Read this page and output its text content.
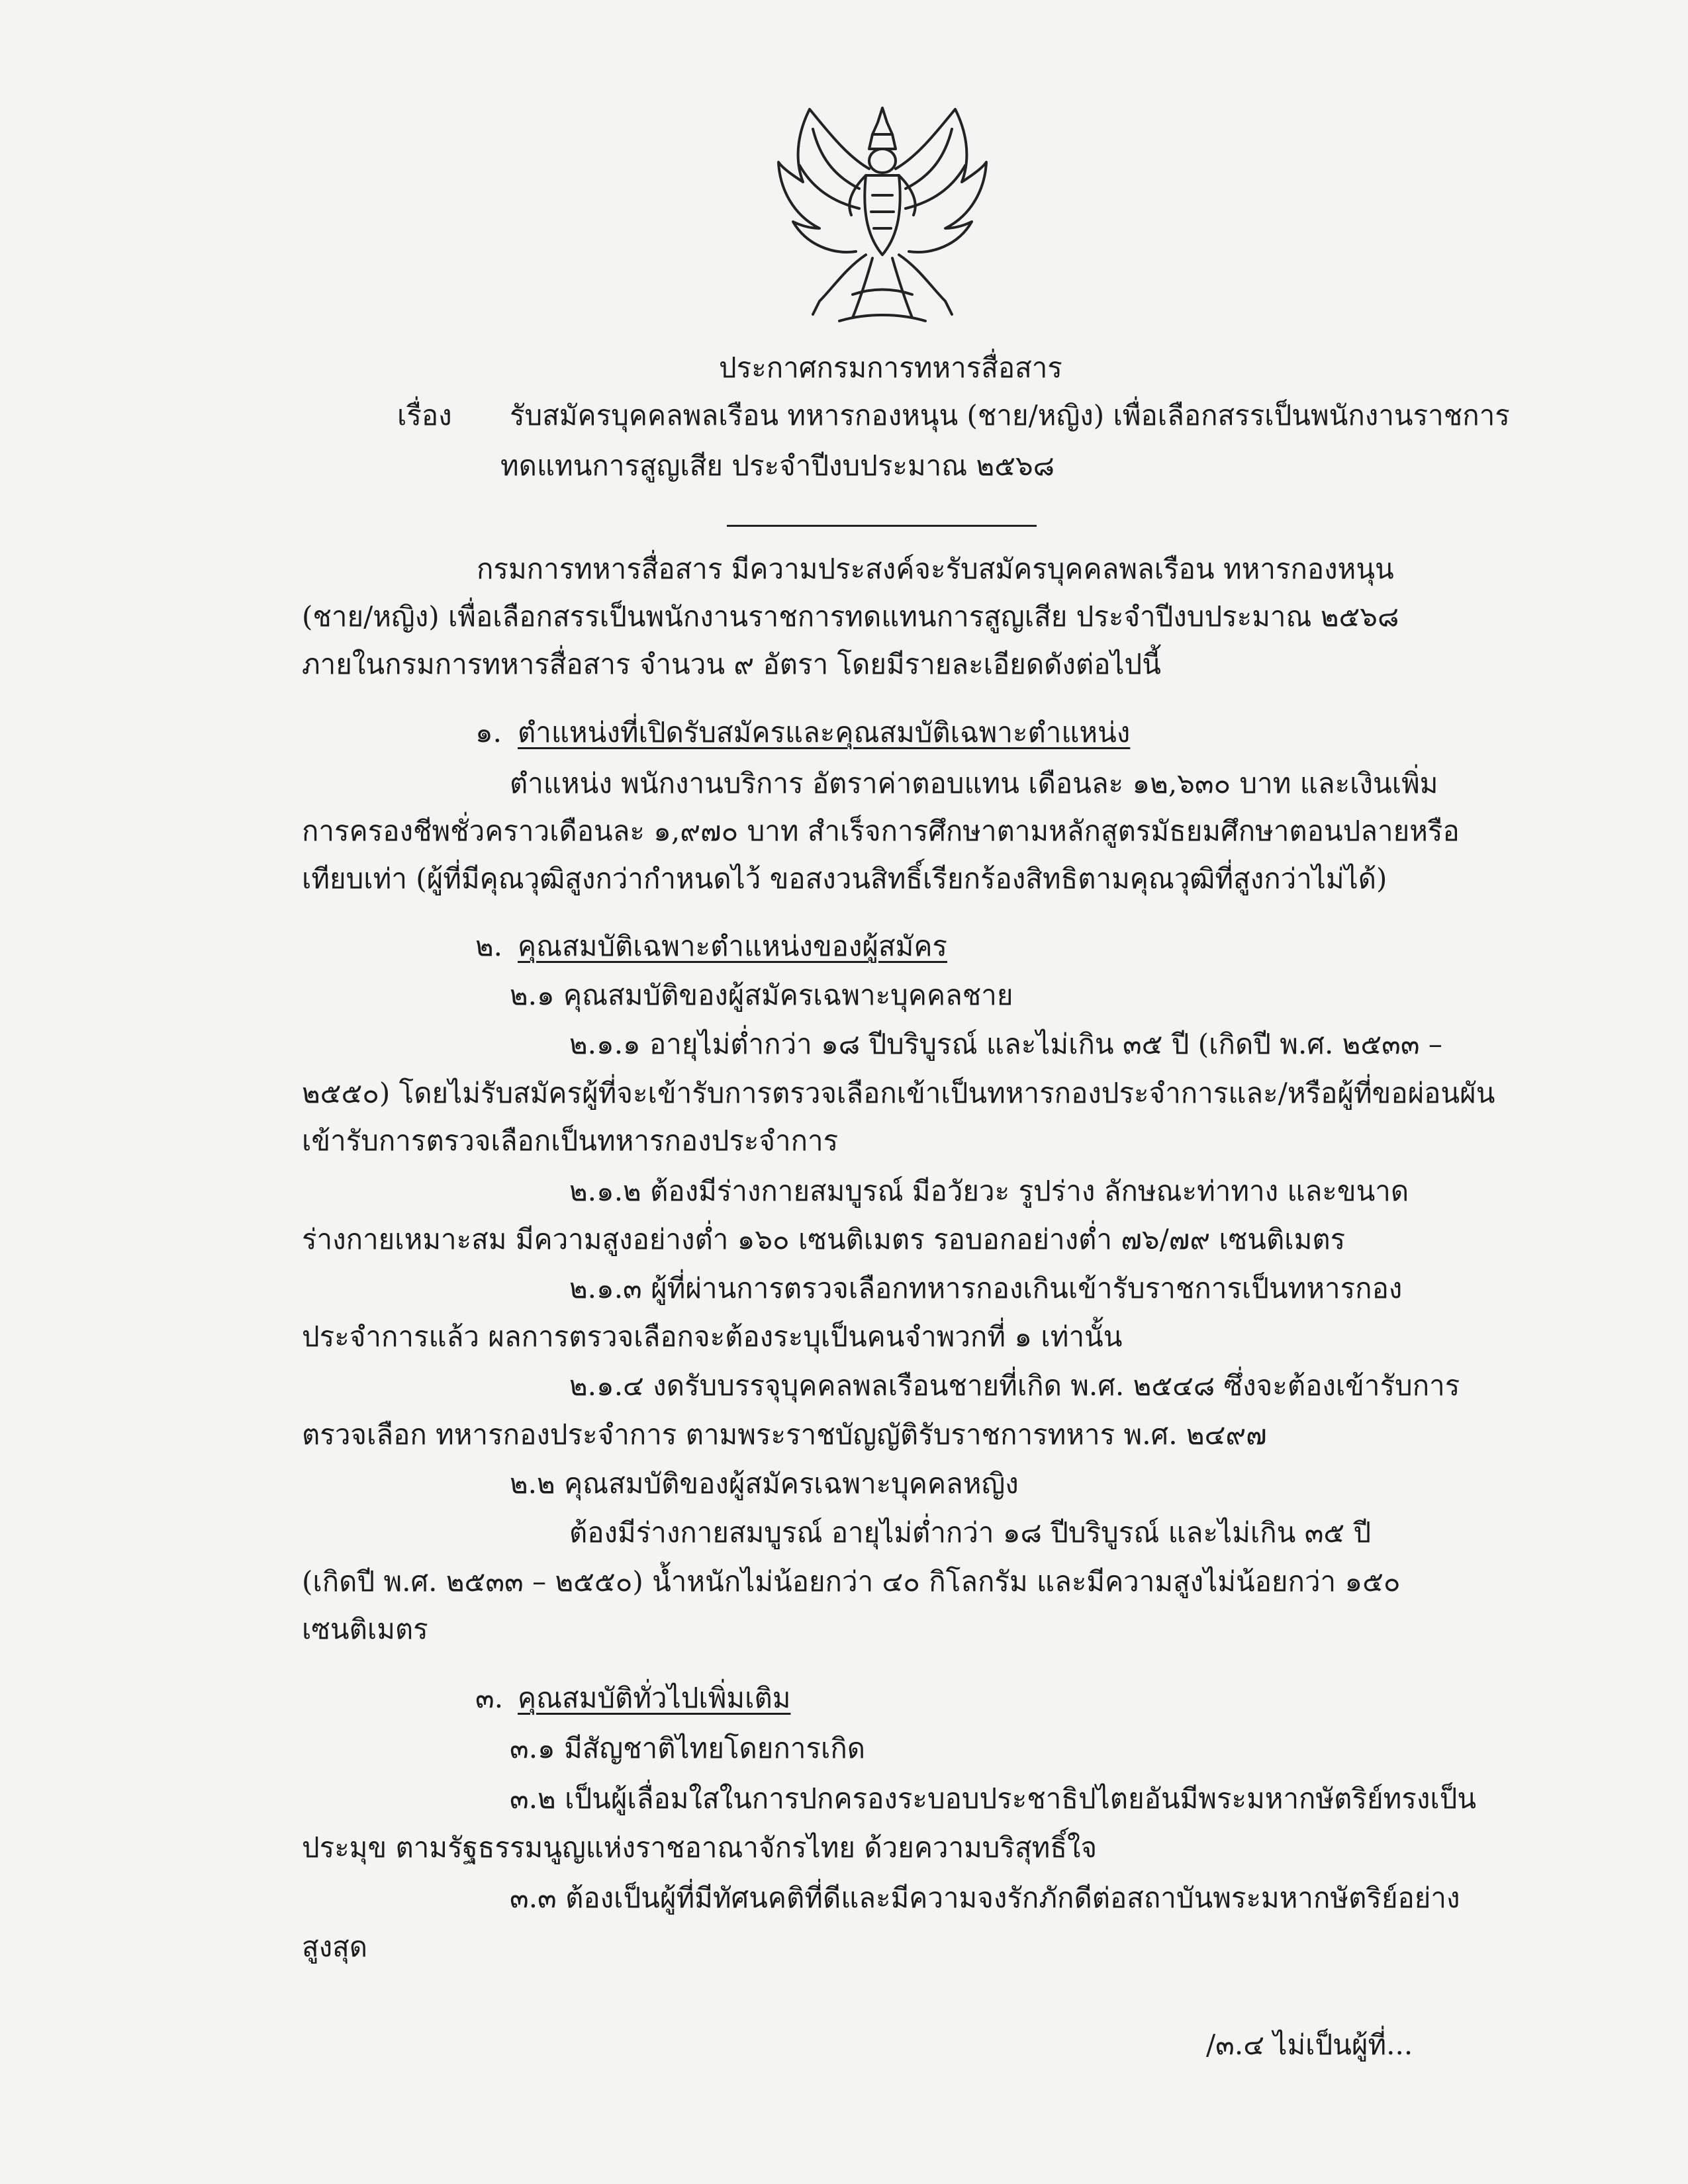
ประกาศกรมการทหารสื่อสาร
เรื่อง รับสมัครบุคคลพลเรือน ทหารกองหนุน (ชาย/หญิง) เพื่อเลือกสรรเป็นพนักงานราชการ
ทดแทนการสูญเสีย ประจำปีงบประมาณ ๒๕๖๘
กรมการทหารสื่อสาร มีความประสงค์จะรับสมัครบุคคลพลเรือน ทหารกองหนุน
(ชาย/หญิง) เพื่อเลือกสรรเป็นพนักงานราชการทดแทนการสูญเสีย ประจำปีงบประมาณ ๒๕๖๘
ภายในกรมการทหารสื่อสาร จำนวน ๙ อัตรา โดยมีรายละเอียดดังต่อไปนี้
๑. ตำแหน่งที่เปิดรับสมัครและคุณสมบัติเฉพาะตำแหน่ง
ตำแหน่ง พนักงานบริการ อัตราค่าตอบแทน เดือนละ ๑๒,๖๓๐ บาท และเงินเพิ่ม
การครองชีพชั่วคราวเดือนละ ๑,๙๗๐ บาท สำเร็จการศึกษาตามหลักสูตรมัธยมศึกษาตอนปลายหรือ
เทียบเท่า (ผู้ที่มีคุณวุฒิสูงกว่ากำหนดไว้ ขอสงวนสิทธิ์เรียกร้องสิทธิตามคุณวุฒิที่สูงกว่าไม่ได้)
๒. คุณสมบัติเฉพาะตำแหน่งของผู้สมัคร
๒.๑ คุณสมบัติของผู้สมัครเฉพาะบุคคลชาย
๒.๑.๑ อายุไม่ต่ำกว่า ๑๘ ปีบริบูรณ์ และไม่เกิน ๓๕ ปี (เกิดปี พ.ศ. ๒๕๓๓ –
๒๕๕๐) โดยไม่รับสมัครผู้ที่จะเข้ารับการตรวจเลือกเข้าเป็นทหารกองประจำการและ/หรือผู้ที่ขอผ่อนผัน
เข้ารับการตรวจเลือกเป็นทหารกองประจำการ
๒.๑.๒ ต้องมีร่างกายสมบูรณ์ มีอวัยวะ รูปร่าง ลักษณะท่าทาง และขนาด
ร่างกายเหมาะสม มีความสูงอย่างต่ำ ๑๖๐ เซนติเมตร รอบอกอย่างต่ำ ๗๖/๗๙ เซนติเมตร
๒.๑.๓ ผู้ที่ผ่านการตรวจเลือกทหารกองเกินเข้ารับราชการเป็นทหารกอง
ประจำการแล้ว ผลการตรวจเลือกจะต้องระบุเป็นคนจำพวกที่ ๑ เท่านั้น
๒.๑.๔ งดรับบรรจุบุคคลพลเรือนชายที่เกิด พ.ศ. ๒๕๔๘ ซึ่งจะต้องเข้ารับการ
ตรวจเลือก ทหารกองประจำการ ตามพระราชบัญญัติรับราชการทหาร พ.ศ. ๒๔๙๗
๒.๒ คุณสมบัติของผู้สมัครเฉพาะบุคคลหญิง
ต้องมีร่างกายสมบูรณ์ อายุไม่ต่ำกว่า ๑๘ ปีบริบูรณ์ และไม่เกิน ๓๕ ปี
(เกิดปี พ.ศ. ๒๕๓๓ – ๒๕๕๐) น้ำหนักไม่น้อยกว่า ๔๐ กิโลกรัม และมีความสูงไม่น้อยกว่า ๑๕๐
เซนติเมตร
๓. คุณสมบัติทั่วไปเพิ่มเติม
๓.๑ มีสัญชาติไทยโดยการเกิด
๓.๒ เป็นผู้เลื่อมใสในการปกครองระบอบประชาธิปไตยอันมีพระมหากษัตริย์ทรงเป็น
ประมุข ตามรัฐธรรมนูญแห่งราชอาณาจักรไทย ด้วยความบริสุทธิ์ใจ
๓.๓ ต้องเป็นผู้ที่มีทัศนคติที่ดีและมีความจงรักภักดีต่อสถาบันพระมหากษัตริย์อย่าง
สูงสุด
/๓.๔ ไม่เป็นผู้ที่...
